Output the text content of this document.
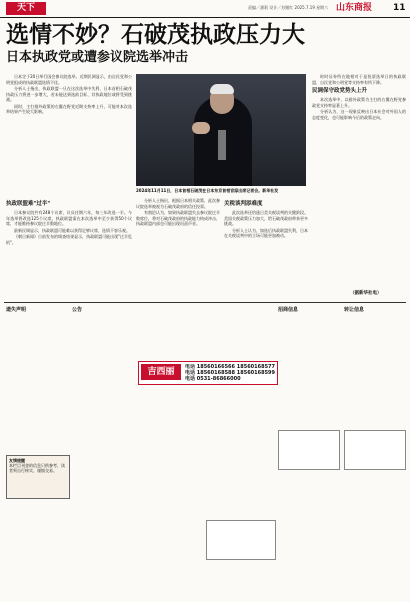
天下	责编／潘莉 设计／苏继红 2025.7.19 星期六 山东商报 11
选情不妙？石破茂执政压力大
日本执政党或遭参议院选举冲击

日本定于20日举行国会参议院选举。近期民调显示，由自民党和公明党组成的执政联盟选情不佳。

分析人士指出，执政联盟一旦在这次选举中失利，日本首相石破茂执政压力将进一步增大，若未能达到选前目标，其执政地位或将受到挑战。

同时，主打排外政策的右翼在野党近期支持率上升，可能对本次选举结果产生较大影响。

2024年11月11日，日本首相石破茂在日本东京首相官邸出席记者会。新华社发
执政联盟难"过半"

日本参议院共有248个议席，议员任期六年，每三年改选一半。今年选举将改选125个议席。执政联盟需在本次选举中至少获得50个议席，才能维持参议院过半数地位。

最新民调显示，执政联盟可能难以获得足够议席，选情不容乐观。

《朝日新闻》日前发布的调查结果显示，执政联盟可能出现"过半危机"。

分析人士指出，根据日本相关政策，此次参议院选举被视为石破茂政府的信任投票。

有舆论认为，如果执政联盟失去参议院过半数席位，将对石破茂政府的执政能力构成冲击，执政联盟内部也可能出现问责声音。

关税谈判添难度

此次选举还恰逢日美关税谈判的关键阶段。美国关税政策压力加大，给石破茂政府带来更多挑战。

分析人士认为，如选后执政联盟失利，日本在关税谈判中的立场可能更加被动。

时时证券所在地相对于是投票选举日的执政联盟，自民党和公明党等支持率有所下降。

民调保守政党势头上升

本次选举中，以排外政策为主打的右翼在野党参政党支持率显著上升。

分析认为，这一现象反映出日本社会对外国人的态度变化，也可能影响今后的政策走向。

（据新华社电）
遗失声明	公告	招商信息	转让信息
吉西丽	电话 18560166566 18560168577
电话 18560168588 18560168599
电话 0531-86866000
友情提醒
本栏目刊登的信息只供参考，读者须自行核实，谨慎交易。
